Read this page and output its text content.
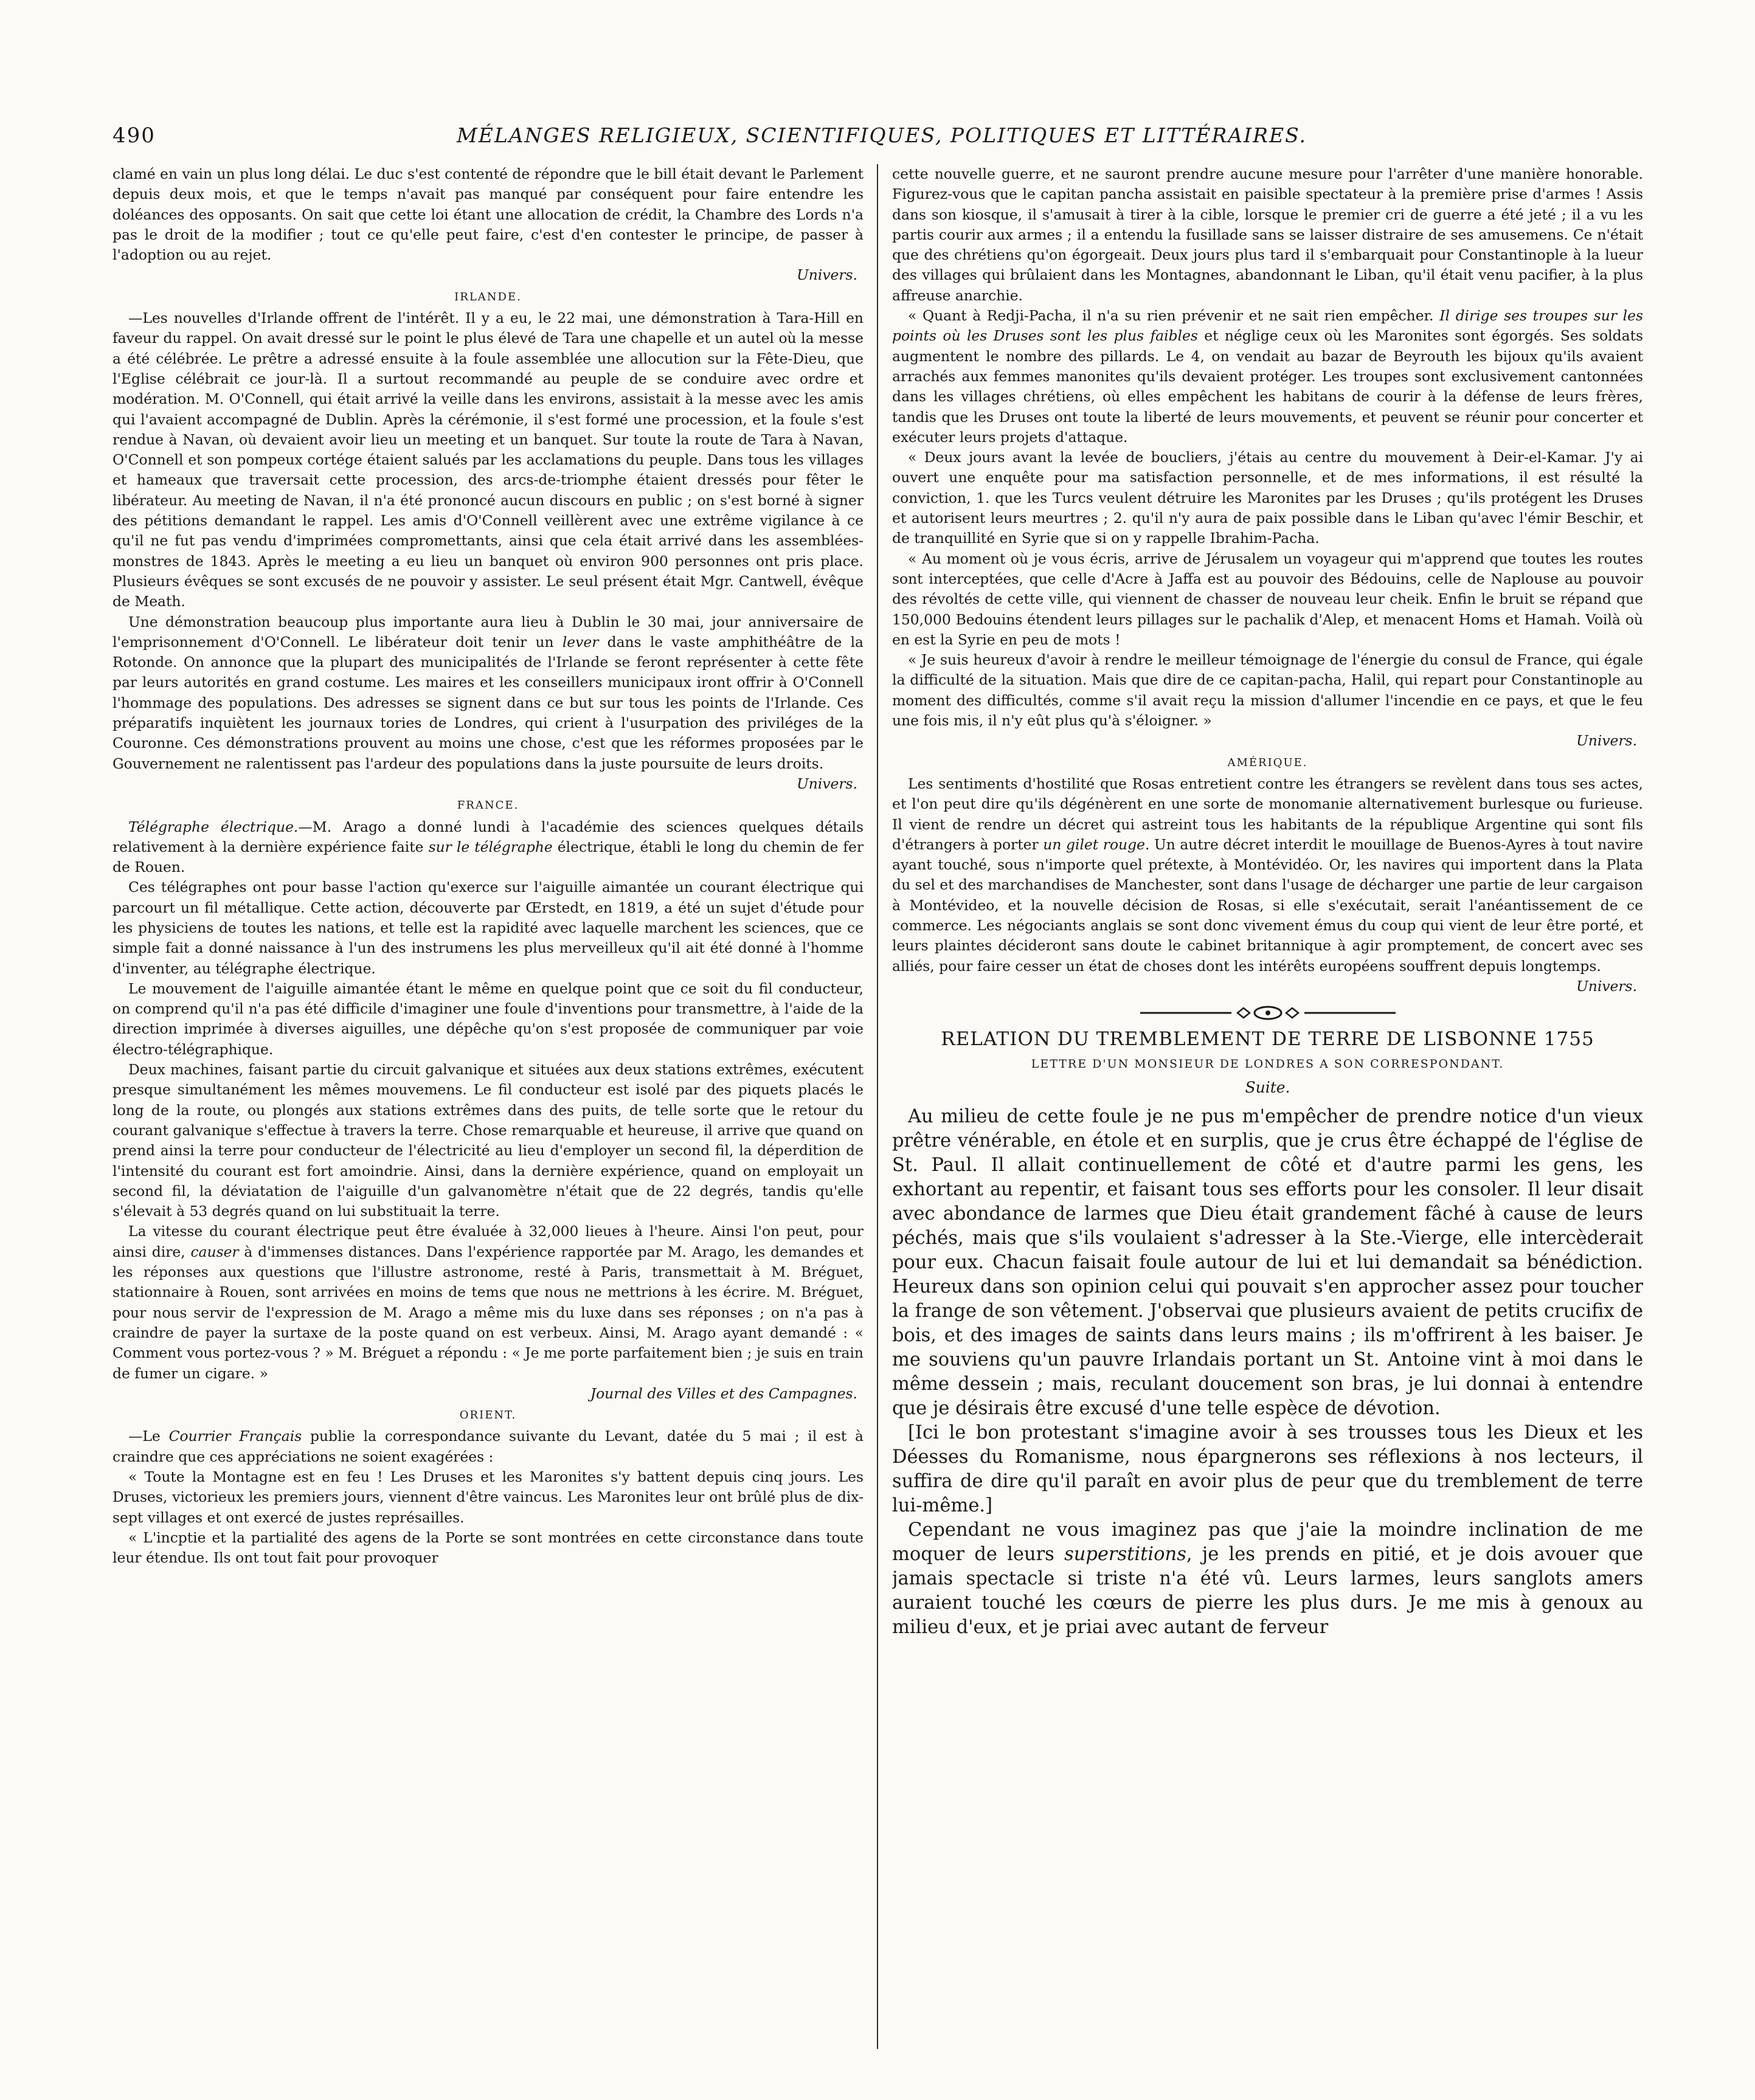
490	MÉLANGES RELIGIEUX, SCIENTIFIQUES, POLITIQUES ET LITTÉRAIRES.

clamé en vain un plus long délai. Le duc s'est contenté de répondre que le bill était devant le Parlement depuis deux mois, et que le temps n'avait pas manqué par conséquent pour faire entendre les doléances des opposants. On sait que cette loi étant une allocation de crédit, la Chambre des Lords n'a pas le droit de la modifier ; tout ce qu'elle peut faire, c'est d'en contester le principe, de passer à l'adoption ou au rejet.

Univers.

IRLANDE.

—Les nouvelles d'Irlande offrent de l'intérêt. Il y a eu, le 22 mai, une démonstration à Tara-Hill en faveur du rappel. On avait dressé sur le point le plus élevé de Tara une chapelle et un autel où la messe a été célébrée. Le prêtre a adressé ensuite à la foule assemblée une allocution sur la Fête-Dieu, que l'Eglise célébrait ce jour-là. Il a surtout recommandé au peuple de se conduire avec ordre et modération. M. O'Connell, qui était arrivé la veille dans les environs, assistait à la messe avec les amis qui l'avaient accompagné de Dublin. Après la cérémonie, il s'est formé une procession, et la foule s'est rendue à Navan, où devaient avoir lieu un meeting et un banquet. Sur toute la route de Tara à Navan, O'Connell et son pompeux cortége étaient salués par les acclamations du peuple. Dans tous les villages et hameaux que traversait cette procession, des arcs-de-triomphe étaient dressés pour fêter le libérateur. Au meeting de Navan, il n'a été prononcé aucun discours en public ; on s'est borné à signer des pétitions demandant le rappel. Les amis d'O'Connell veillèrent avec une extrême vigilance à ce qu'il ne fut pas vendu d'imprimées compromettants, ainsi que cela était arrivé dans les assemblées-monstres de 1843. Après le meeting a eu lieu un banquet où environ 900 personnes ont pris place. Plusieurs évêques se sont excusés de ne pouvoir y assister. Le seul présent était Mgr. Cantwell, évêque de Meath.

Une démonstration beaucoup plus importante aura lieu à Dublin le 30 mai, jour anniversaire de l'emprisonnement d'O'Connell. Le libérateur doit tenir un lever dans le vaste amphithéâtre de la Rotonde. On annonce que la plupart des municipalités de l'Irlande se feront représenter à cette fête par leurs autorités en grand costume. Les maires et les conseillers municipaux iront offrir à O'Connell l'hommage des populations. Des adresses se signent dans ce but sur tous les points de l'Irlande. Ces préparatifs inquiètent les journaux tories de Londres, qui crient à l'usurpation des priviléges de la Couronne. Ces démonstrations prouvent au moins une chose, c'est que les réformes proposées par le Gouvernement ne ralentissent pas l'ardeur des populations dans la juste poursuite de leurs droits.

Univers.

FRANCE.

Télégraphe électrique.—M. Arago a donné lundi à l'académie des sciences quelques détails relativement à la dernière expérience faite sur le télégraphe électrique, établi le long du chemin de fer de Rouen.

Ces télégraphes ont pour basse l'action qu'exerce sur l'aiguille aimantée un courant électrique qui parcourt un fil métallique. Cette action, découverte par Œrstedt, en 1819, a été un sujet d'étude pour les physiciens de toutes les nations, et telle est la rapidité avec laquelle marchent les sciences, que ce simple fait a donné naissance à l'un des instrumens les plus merveilleux qu'il ait été donné à l'homme d'inventer, au télégraphe électrique.

Le mouvement de l'aiguille aimantée étant le même en quelque point que ce soit du fil conducteur, on comprend qu'il n'a pas été difficile d'imaginer une foule d'inventions pour transmettre, à l'aide de la direction imprimée à diverses aiguilles, une dépêche qu'on s'est proposée de communiquer par voie électro-télégraphique.

Deux machines, faisant partie du circuit galvanique et situées aux deux stations extrêmes, exécutent presque simultanément les mêmes mouvemens. Le fil conducteur est isolé par des piquets placés le long de la route, ou plongés aux stations extrêmes dans des puits, de telle sorte que le retour du courant galvanique s'effectue à travers la terre. Chose remarquable et heureuse, il arrive que quand on prend ainsi la terre pour conducteur de l'électricité au lieu d'employer un second fil, la déperdition de l'intensité du courant est fort amoindrie. Ainsi, dans la dernière expérience, quand on employait un second fil, la déviatation de l'aiguille d'un galvanomètre n'était que de 22 degrés, tandis qu'elle s'élevait à 53 degrés quand on lui substituait la terre.

La vitesse du courant électrique peut être évaluée à 32,000 lieues à l'heure. Ainsi l'on peut, pour ainsi dire, causer à d'immenses distances. Dans l'expérience rapportée par M. Arago, les demandes et les réponses aux questions que l'illustre astronome, resté à Paris, transmettait à M. Bréguet, stationnaire à Rouen, sont arrivées en moins de tems que nous ne mettrions à les écrire. M. Bréguet, pour nous servir de l'expression de M. Arago a même mis du luxe dans ses réponses ; on n'a pas à craindre de payer la surtaxe de la poste quand on est verbeux. Ainsi, M. Arago ayant demandé : « Comment vous portez-vous ? » M. Bréguet a répondu : « Je me porte parfaitement bien ; je suis en train de fumer un cigare. »

Journal des Villes et des Campagnes.

ORIENT.

—Le Courrier Français publie la correspondance suivante du Levant, datée du 5 mai ; il est à craindre que ces appréciations ne soient exagérées :

« Toute la Montagne est en feu ! Les Druses et les Maronites s'y battent depuis cinq jours. Les Druses, victorieux les premiers jours, viennent d'être vaincus. Les Maronites leur ont brûlé plus de dix-sept villages et ont exercé de justes représailles.

« L'incptie et la partialité des agens de la Porte se sont montrées en cette circonstance dans toute leur étendue. Ils ont tout fait pour provoquer

cette nouvelle guerre, et ne sauront prendre aucune mesure pour l'arrêter d'une manière honorable. Figurez-vous que le capitan pancha assistait en paisible spectateur à la première prise d'armes ! Assis dans son kiosque, il s'amusait à tirer à la cible, lorsque le premier cri de guerre a été jeté ; il a vu les partis courir aux armes ; il a entendu la fusillade sans se laisser distraire de ses amusemens. Ce n'était que des chrétiens qu'on égorgeait. Deux jours plus tard il s'embarquait pour Constantinople à la lueur des villages qui brûlaient dans les Montagnes, abandonnant le Liban, qu'il était venu pacifier, à la plus affreuse anarchie.

« Quant à Redji-Pacha, il n'a su rien prévenir et ne sait rien empêcher. Il dirige ses troupes sur les points où les Druses sont les plus faibles et néglige ceux où les Maronites sont égorgés. Ses soldats augmentent le nombre des pillards. Le 4, on vendait au bazar de Beyrouth les bijoux qu'ils avaient arrachés aux femmes manonites qu'ils devaient protéger. Les troupes sont exclusivement cantonnées dans les villages chrétiens, où elles empêchent les habitans de courir à la défense de leurs frères, tandis que les Druses ont toute la liberté de leurs mouvements, et peuvent se réunir pour concerter et exécuter leurs projets d'attaque.

« Deux jours avant la levée de boucliers, j'étais au centre du mouvement à Deir-el-Kamar. J'y ai ouvert une enquête pour ma satisfaction personnelle, et de mes informations, il est résulté la conviction, 1. que les Turcs veulent détruire les Maronites par les Druses ; qu'ils protégent les Druses et autorisent leurs meurtres ; 2. qu'il n'y aura de paix possible dans le Liban qu'avec l'émir Beschir, et de tranquillité en Syrie que si on y rappelle Ibrahim-Pacha.

« Au moment où je vous écris, arrive de Jérusalem un voyageur qui m'apprend que toutes les routes sont interceptées, que celle d'Acre à Jaffa est au pouvoir des Bédouins, celle de Naplouse au pouvoir des révoltés de cette ville, qui viennent de chasser de nouveau leur cheik. Enfin le bruit se répand que 150,000 Bedouins étendent leurs pillages sur le pachalik d'Alep, et menacent Homs et Hamah. Voilà où en est la Syrie en peu de mots !

« Je suis heureux d'avoir à rendre le meilleur témoignage de l'énergie du consul de France, qui égale la difficulté de la situation. Mais que dire de ce capitan-pacha, Halil, qui repart pour Constantinople au moment des difficultés, comme s'il avait reçu la mission d'allumer l'incendie en ce pays, et que le feu une fois mis, il n'y eût plus qu'à s'éloigner. »

Univers.

AMÉRIQUE.

Les sentiments d'hostilité que Rosas entretient contre les étrangers se revèlent dans tous ses actes, et l'on peut dire qu'ils dégénèrent en une sorte de monomanie alternativement burlesque ou furieuse. Il vient de rendre un décret qui astreint tous les habitants de la république Argentine qui sont fils d'étrangers à porter un gilet rouge. Un autre décret interdit le mouillage de Buenos-Ayres à tout navire ayant touché, sous n'importe quel prétexte, à Montévidéo. Or, les navires qui importent dans la Plata du sel et des marchandises de Manchester, sont dans l'usage de décharger une partie de leur cargaison à Montévideo, et la nouvelle décision de Rosas, si elle s'exécutait, serait l'anéantissement de ce commerce. Les négociants anglais se sont donc vivement émus du coup qui vient de leur être porté, et leurs plaintes décideront sans doute le cabinet britannique à agir promptement, de concert avec ses alliés, pour faire cesser un état de choses dont les intérêts européens souffrent depuis longtemps.

Univers.

RELATION DU TREMBLEMENT DE TERRE DE LISBONNE 1755
LETTRE D'UN MONSIEUR DE LONDRES A SON CORRESPONDANT.
Suite.

Au milieu de cette foule je ne pus m'empêcher de prendre notice d'un vieux prêtre vénérable, en étole et en surplis, que je crus être échappé de l'église de St. Paul. Il allait continuellement de côté et d'autre parmi les gens, les exhortant au repentir, et faisant tous ses efforts pour les consoler. Il leur disait avec abondance de larmes que Dieu était grandement fâché à cause de leurs péchés, mais que s'ils voulaient s'adresser à la Ste.-Vierge, elle intercèderait pour eux. Chacun faisait foule autour de lui et lui demandait sa bénédiction. Heureux dans son opinion celui qui pouvait s'en approcher assez pour toucher la frange de son vêtement. J'observai que plusieurs avaient de petits crucifix de bois, et des images de saints dans leurs mains ; ils m'offrirent à les baiser. Je me souviens qu'un pauvre Irlandais portant un St. Antoine vint à moi dans le même dessein ; mais, reculant doucement son bras, je lui donnai à entendre que je désirais être excusé d'une telle espèce de dévotion.

[Ici le bon protestant s'imagine avoir à ses trousses tous les Dieux et les Déesses du Romanisme, nous épargnerons ses réflexions à nos lecteurs, il suffira de dire qu'il paraît en avoir plus de peur que du tremblement de terre lui-même.]

Cependant ne vous imaginez pas que j'aie la moindre inclination de me moquer de leurs superstitions, je les prends en pitié, et je dois avouer que jamais spectacle si triste n'a été vû. Leurs larmes, leurs sanglots amers auraient touché les cœurs de pierre les plus durs. Je me mis à genoux au milieu d'eux, et je priai avec autant de ferveur
